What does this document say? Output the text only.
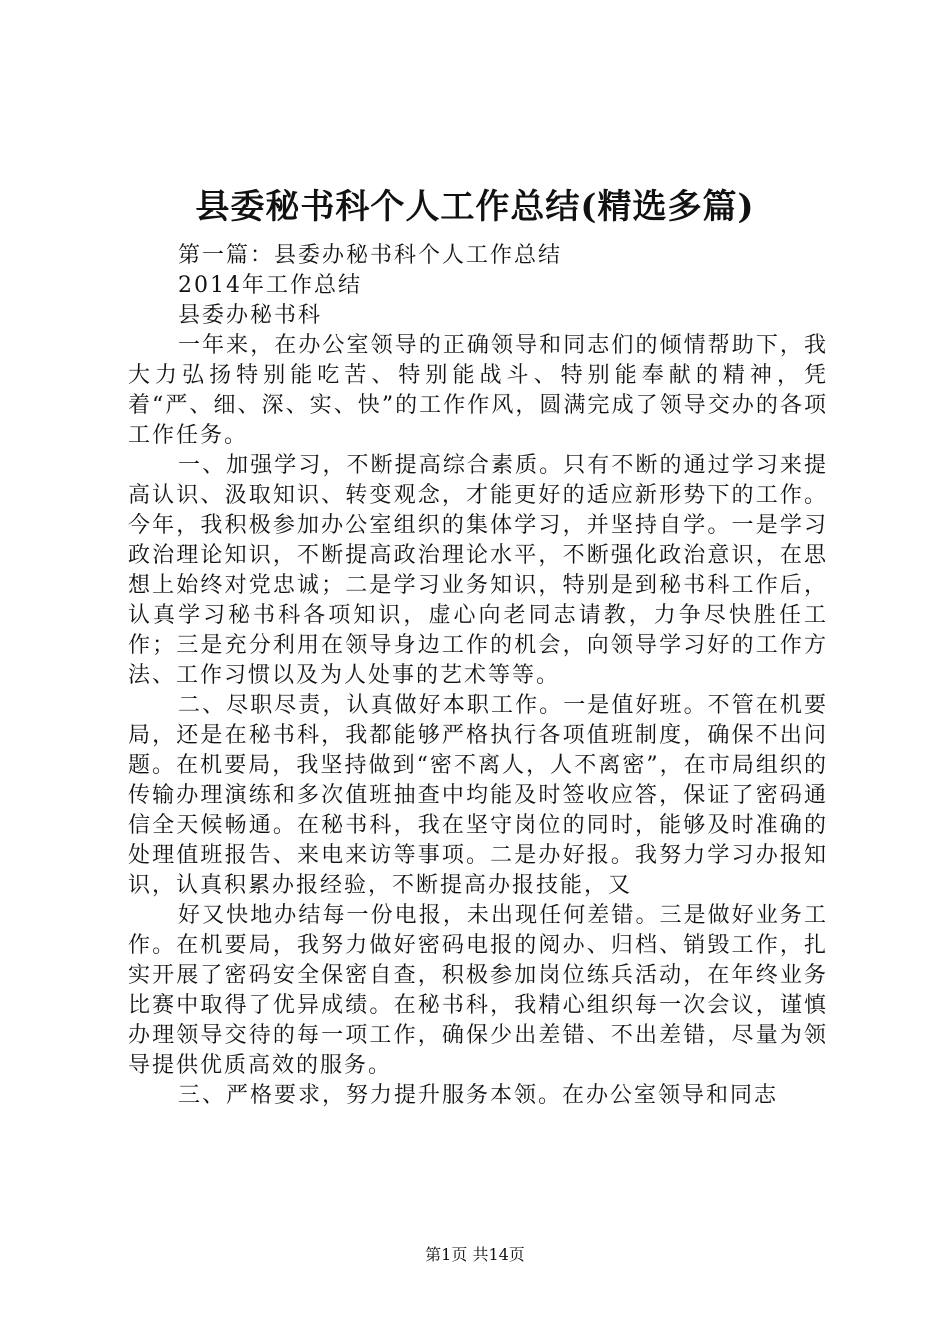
县委秘书科个人工作总结(精选多篇)

第一篇：县委办秘书科个人工作总结

2014年工作总结

县委办秘书科

一年来，在办公室领导的正确领导和同志们的倾情帮助下，我大力弘扬特别能吃苦、特别能战斗、特别能奉献的精神，凭着“严、细、深、实、快”的工作作风，圆满完成了领导交办的各项工作任务。

一、加强学习，不断提高综合素质。只有不断的通过学习来提高认识、汲取知识、转变观念，才能更好的适应新形势下的工作。今年，我积极参加办公室组织的集体学习，并坚持自学。一是学习政治理论知识，不断提高政治理论水平，不断强化政治意识，在思想上始终对党忠诚；二是学习业务知识，特别是到秘书科工作后，认真学习秘书科各项知识，虚心向老同志请教，力争尽快胜任工作；三是充分利用在领导身边工作的机会，向领导学习好的工作方法、工作习惯以及为人处事的艺术等等。

二、尽职尽责，认真做好本职工作。一是值好班。不管在机要局，还是在秘书科，我都能够严格执行各项值班制度，确保不出问题。在机要局，我坚持做到“密不离人，人不离密”，在市局组织的传输办理演练和多次值班抽查中均能及时签收应答，保证了密码通信全天候畅通。在秘书科，我在坚守岗位的同时，能够及时准确的处理值班报告、来电来访等事项。二是办好报。我努力学习办报知识，认真积累办报经验，不断提高办报技能，又

好又快地办结每一份电报，未出现任何差错。三是做好业务工作。在机要局，我努力做好密码电报的阅办、归档、销毁工作，扎实开展了密码安全保密自查，积极参加岗位练兵活动，在年终业务比赛中取得了优异成绩。在秘书科，我精心组织每一次会议，谨慎办理领导交待的每一项工作，确保少出差错、不出差错，尽量为领导提供优质高效的服务。

三、严格要求，努力提升服务本领。在办公室领导和同志

第1页 共14页
